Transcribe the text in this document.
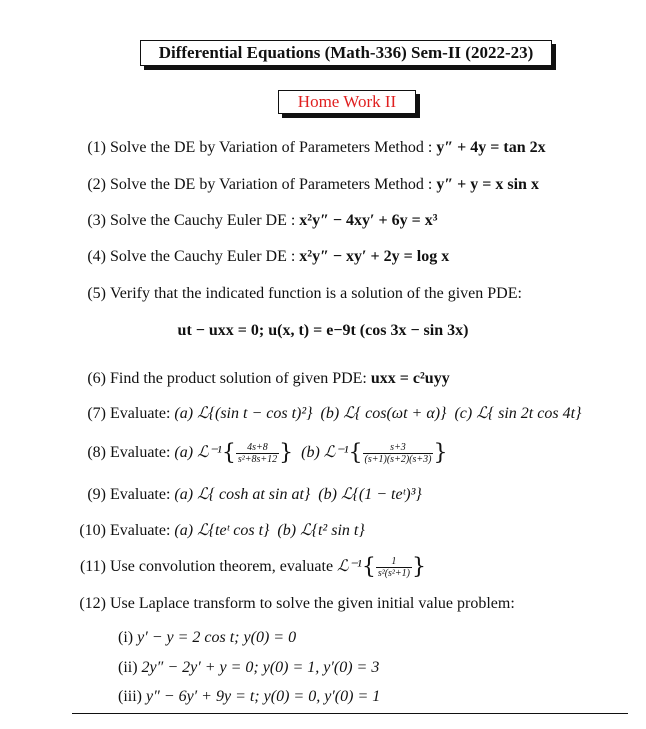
Differential Equations (Math-336) Sem-II (2022-23)
Home Work II
(1) Solve the DE by Variation of Parameters Method : y″ + 4y = tan 2x
(2) Solve the DE by Variation of Parameters Method : y″ + y = x sin x
(3) Solve the Cauchy Euler DE : x²y″ − 4xy′ + 6y = x³
(4) Solve the Cauchy Euler DE : x²y″ − xy′ + 2y = log x
(5) Verify that the indicated function is a solution of the given PDE:
ut − uxx = 0; u(x, t) = e−9t (cos 3x − sin 3x)
(6) Find the product solution of given PDE: uxx = c²uyy
(7) Evaluate: (a) ℒ{(sin t − cos t)²} (b) ℒ{ cos(ωt + α)} (c) ℒ{ sin 2t cos 4t}
(8) Evaluate: (a) ℒ⁻¹{ $\frac{4s+8}{\text{s²+8s+12}}$ } (b) ℒ⁻¹{ $\frac{s+3}{(s+1)(s+2)(s+3)}$ }
(9) Evaluate: (a) ℒ{ cosh at sin at} (b) ℒ{(1 − teᵗ)³}
(10) Evaluate: (a) ℒ{teᵗ cos t} (b) ℒ{t² sin t}
(11) Use convolution theorem, evaluate ℒ⁻¹{ $\frac{1}{\text{s²(s²+1)}}$ }
(12) Use Laplace transform to solve the given initial value problem:
(i) y′ − y = 2 cos t; y(0) = 0
(ii) 2y″ − 2y′ + y = 0; y(0) = 1, y′(0) = 3
(iii) y″ − 6y′ + 9y = t; y(0) = 0, y′(0) = 1
